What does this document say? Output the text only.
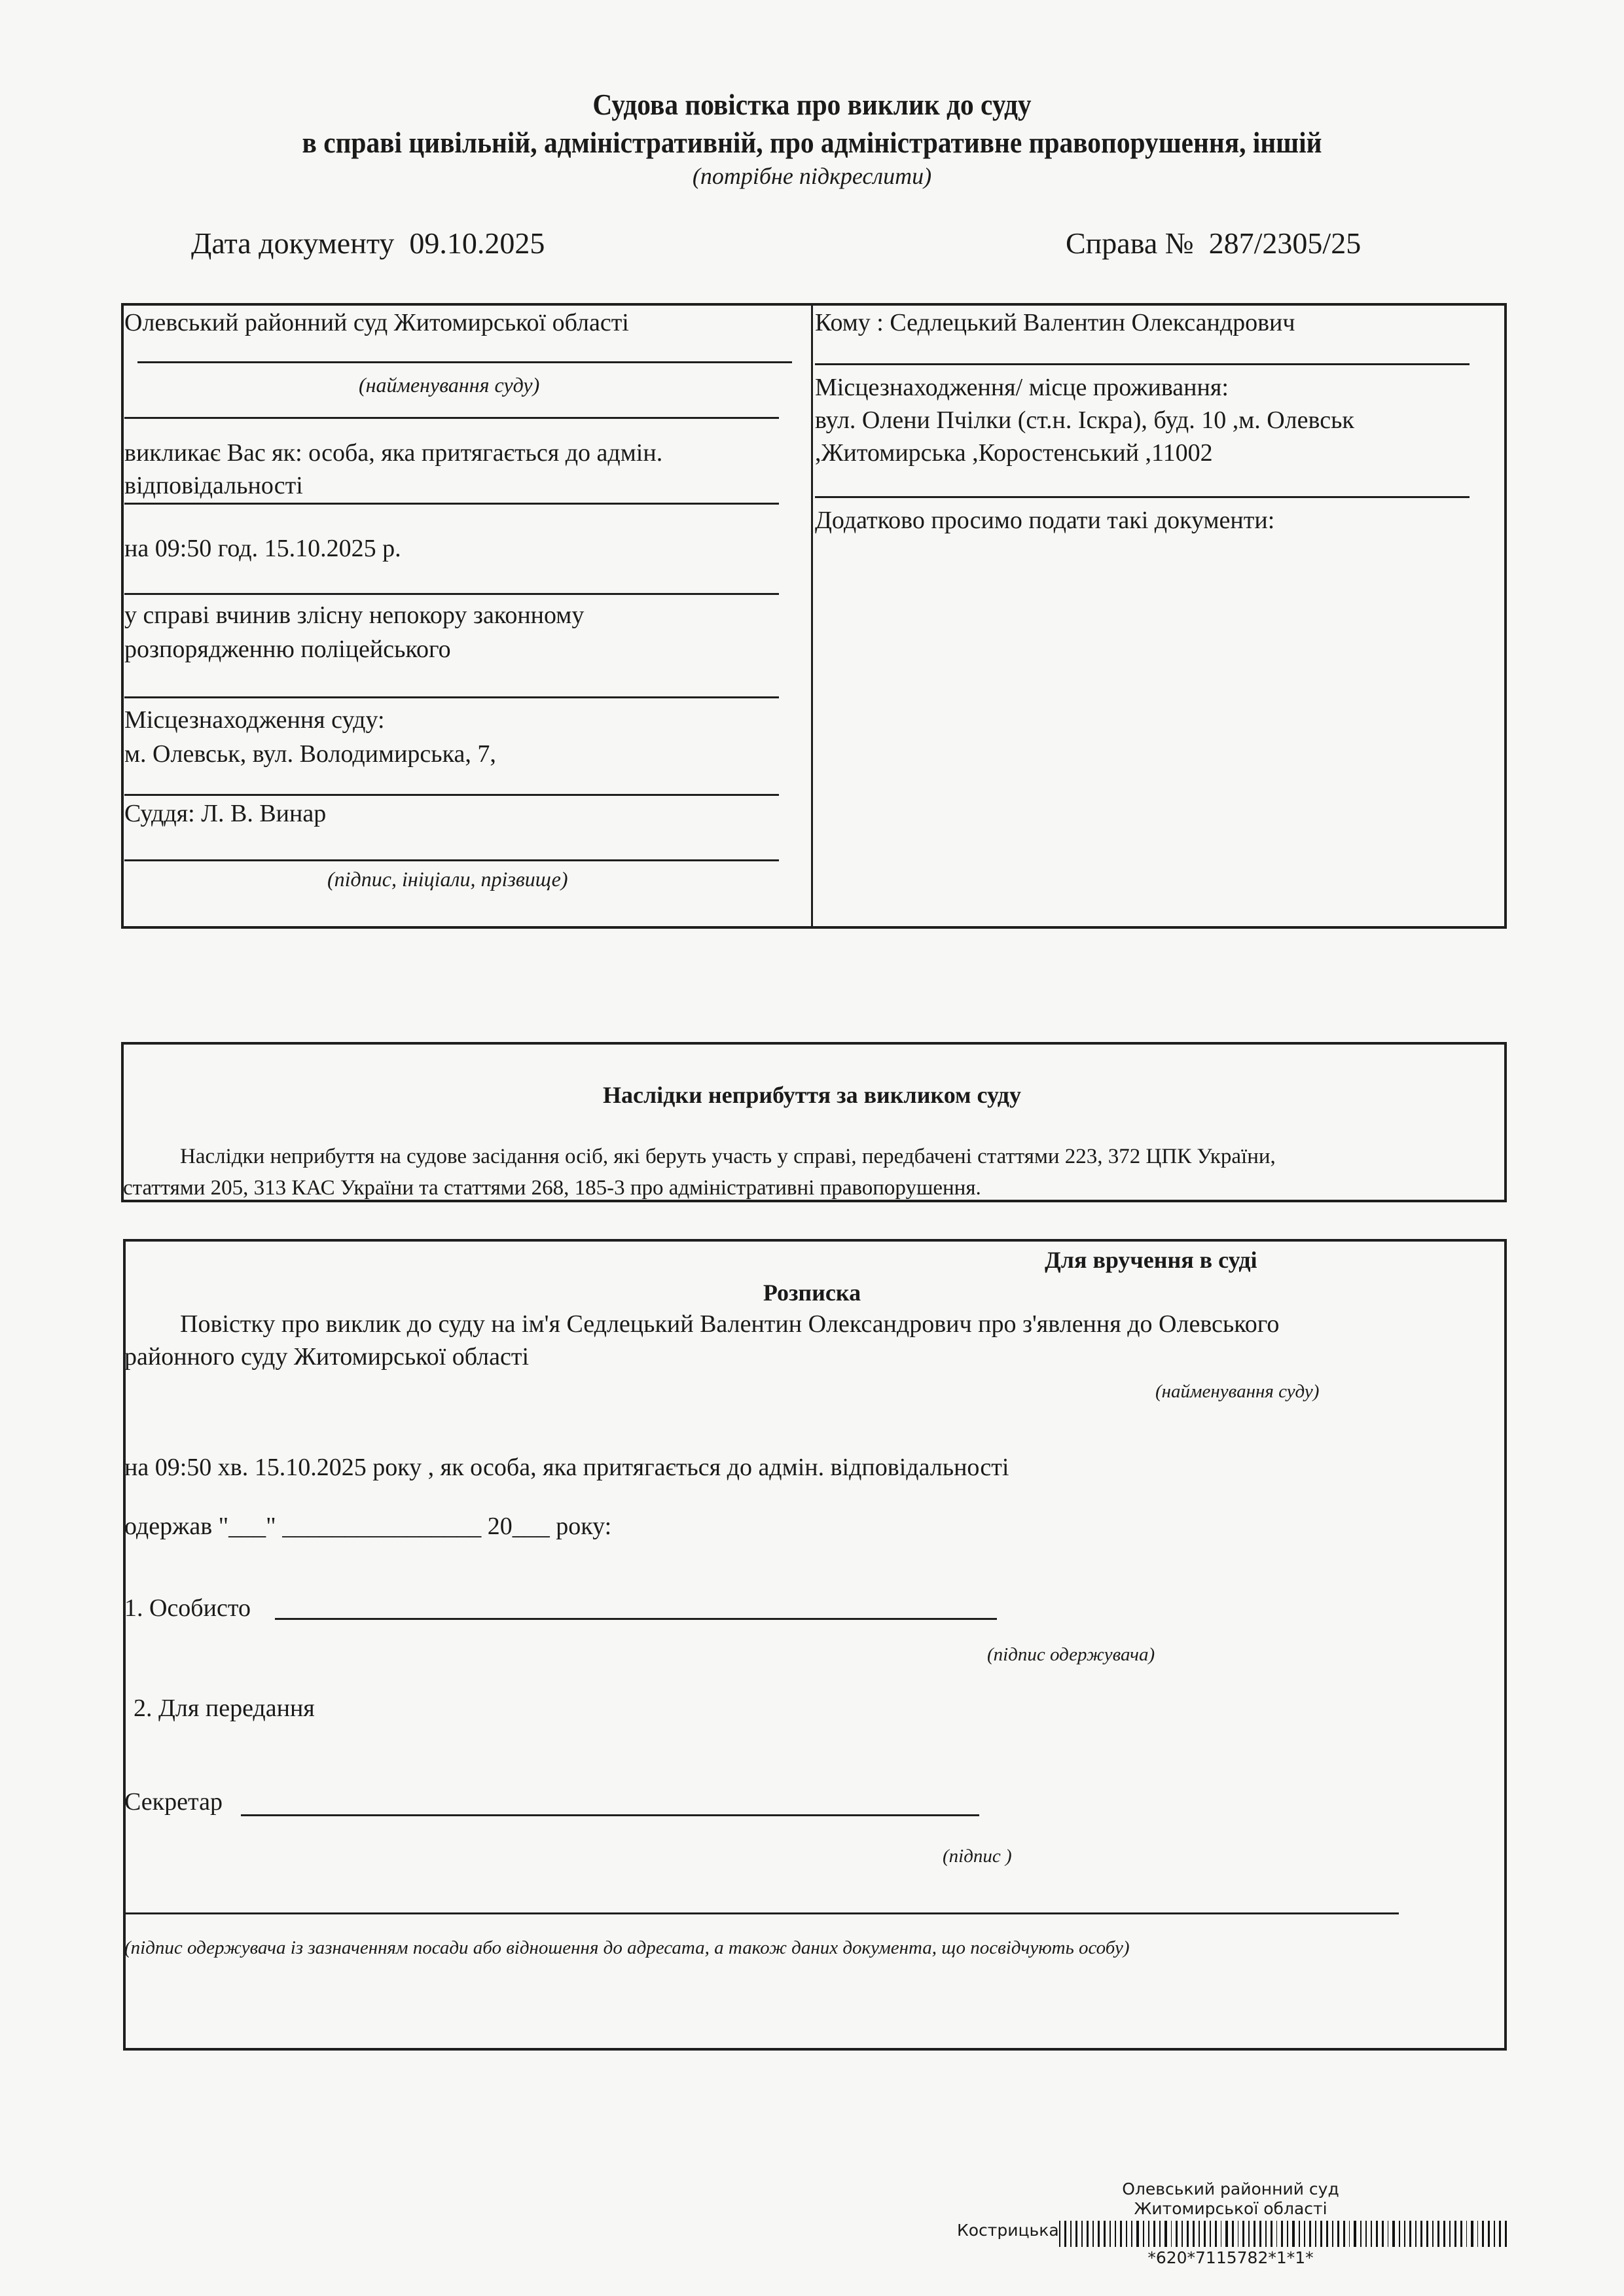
Судова повістка про виклик до суду
в справі цивільній, адміністративній, про адміністративне правопорушення, іншій
(потрібне підкреслити)
Дата документу 09.10.2025	Справа № 287/2305/25
Олевський районний суд Житомирської області
(найменування суду)
викликає Вас як: особа, яка притягається до адмін.
відповідальності
на 09:50 год. 15.10.2025 р.
у справі вчинив злісну непокору законному
розпорядженню поліцейського
Місцезнаходження суду:
м. Олевськ, вул. Володимирська, 7,
Суддя: Л. В. Винар
(підпис, ініціали, прізвище)
Кому : Седлецький Валентин Олександрович
Місцезнаходження/ місце проживання:
вул. Олени Пчілки (ст.н. Іскра), буд. 10 ,м. Олевськ
,Житомирська ,Коростенський ,11002
Додатково просимо подати такі документи:
Наслідки неприбуття за викликом суду
Наслідки неприбуття на судове засідання осіб, які беруть участь у справі, передбачені статтями 223, 372 ЦПК України,
статтями 205, 313 КАС України та статтями 268, 185-3 про адміністративні правопорушення.
Для вручення в суді
Розписка
Повістку про виклик до суду на ім'я Седлецький Валентин Олександрович про з'явлення до Олевського
районного суду Житомирської області
(найменування суду)
на 09:50 хв. 15.10.2025 року , як особа, яка притягається до адмін. відповідальності
одержав "___" ________________ 20___ року:
1. Особисто
(підпис одержувача)
2. Для передання
Секретар
(підпис )
(підпис одержувача із зазначенням посади або відношення до адресата, а також даних документа, що посвідчують особу)
Олевський районний суд
Житомирської області
Кострицька
*620*7115782*1*1*
